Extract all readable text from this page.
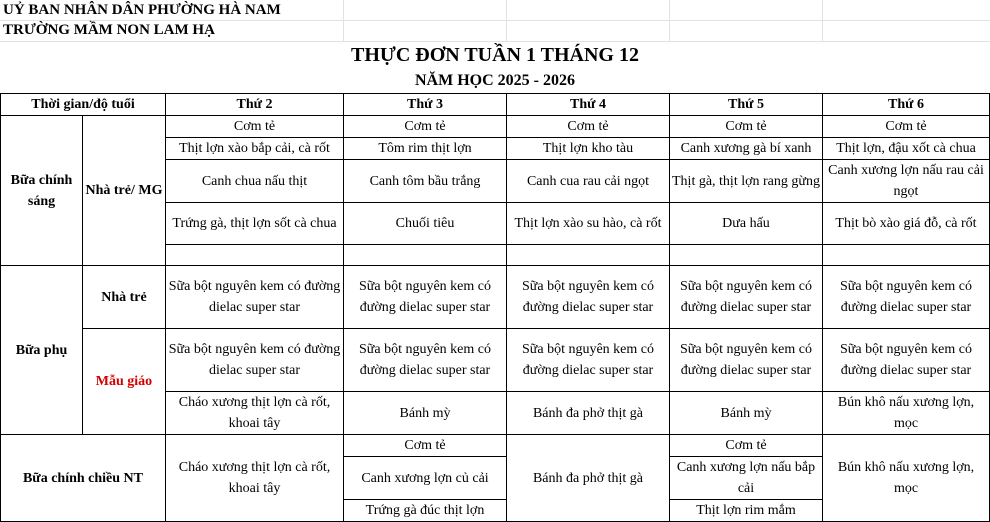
UỶ BAN NHÂN DÂN PHƯỜNG HÀ NAM
TRƯỜNG MẦM NON LAM HẠ
THỰC ĐƠN TUẦN 1 THÁNG 12
NĂM HỌC 2025 - 2026
Thời gian/độ tuổi		Thứ 2	Thứ 3	Thứ 4	Thứ 5	Thứ 6
Bữa chính sáng	Nhà trẻ/ MG	Cơm tẻ	Cơm tẻ	Cơm tẻ	Cơm tẻ	Cơm tẻ
		Thịt lợn xào bắp cải, cà rốt	Tôm rim thịt lợn	Thịt lợn kho tàu	Canh xương gà bí xanh	Thịt lợn, đậu xốt cà chua
		Canh chua nấu thịt	Canh tôm bầu trắng	Canh cua rau cải ngọt	Thịt gà, thịt lợn rang gừng	Canh xương lợn nấu rau cải ngọt
		Trứng gà, thịt lợn sốt cà chua	Chuối tiêu	Thịt lợn xào su hào, cà rốt	Dưa hấu	Thịt bò xào giá đỗ, cà rốt

Bữa phụ	Nhà trẻ	Sữa bột nguyên kem có đường dielac super star	Sữa bột nguyên kem có đường dielac super star	Sữa bột nguyên kem có đường dielac super star	Sữa bột nguyên kem có đường dielac super star	Sữa bột nguyên kem có đường dielac super star
	Mẫu giáo	Sữa bột nguyên kem có đường dielac super star	Sữa bột nguyên kem có đường dielac super star	Sữa bột nguyên kem có đường dielac super star	Sữa bột nguyên kem có đường dielac super star	Sữa bột nguyên kem có đường dielac super star
		Cháo xương thịt lợn cà rốt, khoai tây	Bánh mỳ	Bánh đa phở thịt gà	Bánh mỳ	Bún khô nấu xương lợn, mọc
Bữa chính chiều NT		Cháo xương thịt lợn cà rốt, khoai tây	Cơm tẻ	Bánh đa phở thịt gà	Cơm tẻ	Bún khô nấu xương lợn, mọc
			Canh xương lợn củ cải		Canh xương lợn nấu bắp cải	
			Trứng gà đúc thịt lợn		Thịt lợn rim mắm	
